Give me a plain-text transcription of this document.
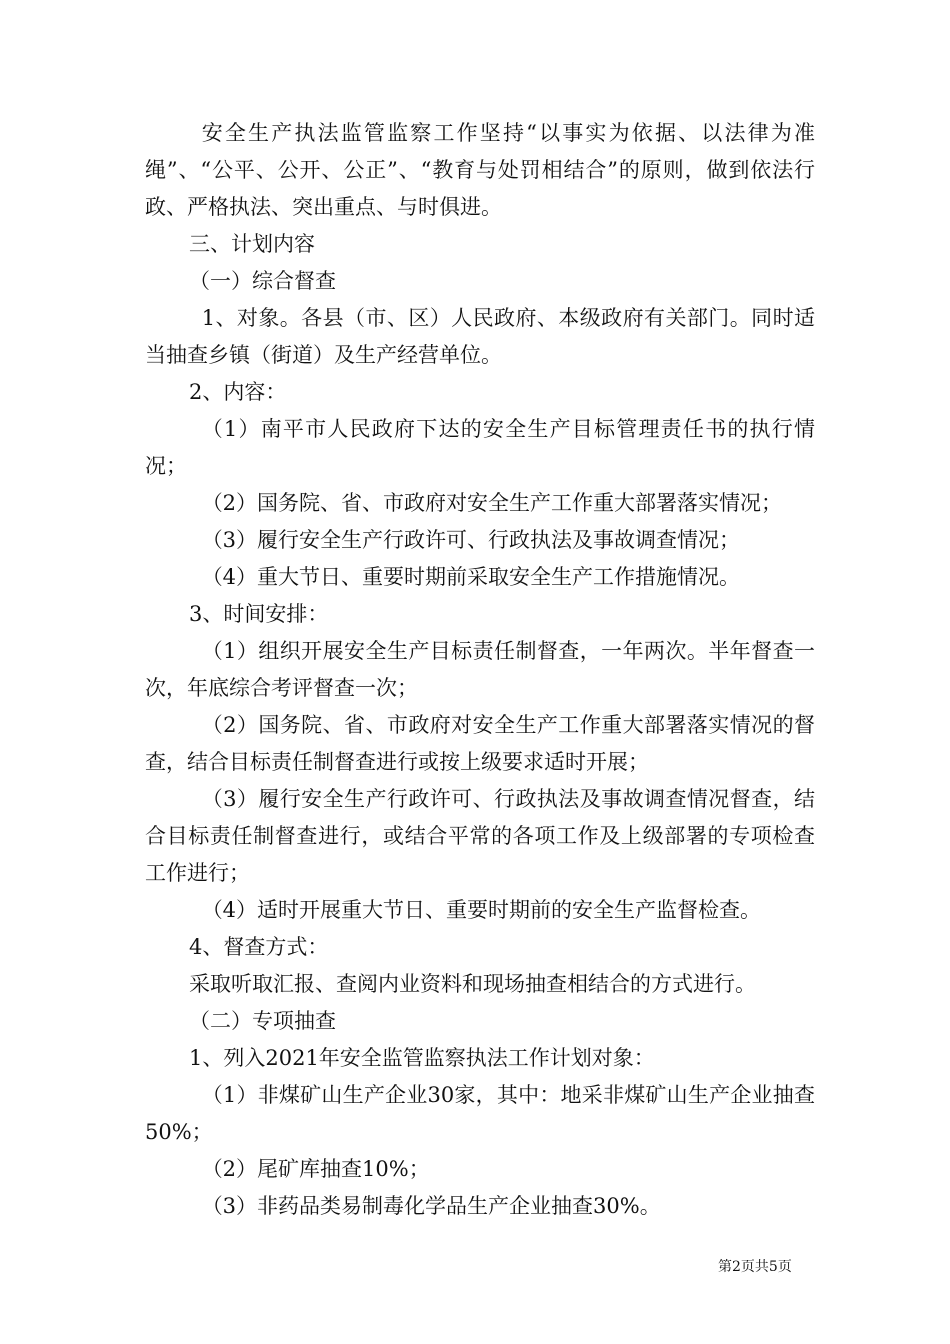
安全生产执法监管监察工作坚持“以事实为依据、以法律为准绳”、“公平、公开、公正”、“教育与处罚相结合”的原则，做到依法行政、严格执法、突出重点、与时俱进。

三、计划内容

（一）综合督查

1、对象。各县（市、区）人民政府、本级政府有关部门。同时适当抽查乡镇（街道）及生产经营单位。

2、内容：

（1）南平市人民政府下达的安全生产目标管理责任书的执行情况；

（2）国务院、省、市政府对安全生产工作重大部署落实情况；

（3）履行安全生产行政许可、行政执法及事故调查情况；

（4）重大节日、重要时期前采取安全生产工作措施情况。

3、时间安排：

（1）组织开展安全生产目标责任制督查，一年两次。半年督查一次，年底综合考评督查一次；

（2）国务院、省、市政府对安全生产工作重大部署落实情况的督查，结合目标责任制督查进行或按上级要求适时开展；

（3）履行安全生产行政许可、行政执法及事故调查情况督查，结合目标责任制督查进行，或结合平常的各项工作及上级部署的专项检查工作进行；

（4）适时开展重大节日、重要时期前的安全生产监督检查。

4、督查方式：

采取听取汇报、查阅内业资料和现场抽查相结合的方式进行。

（二）专项抽查

1、列入2021年安全监管监察执法工作计划对象：

（1）非煤矿山生产企业30家，其中：地采非煤矿山生产企业抽查50%；

（2）尾矿库抽查10%；

（3）非药品类易制毒化学品生产企业抽查30%。

第2页共5页
